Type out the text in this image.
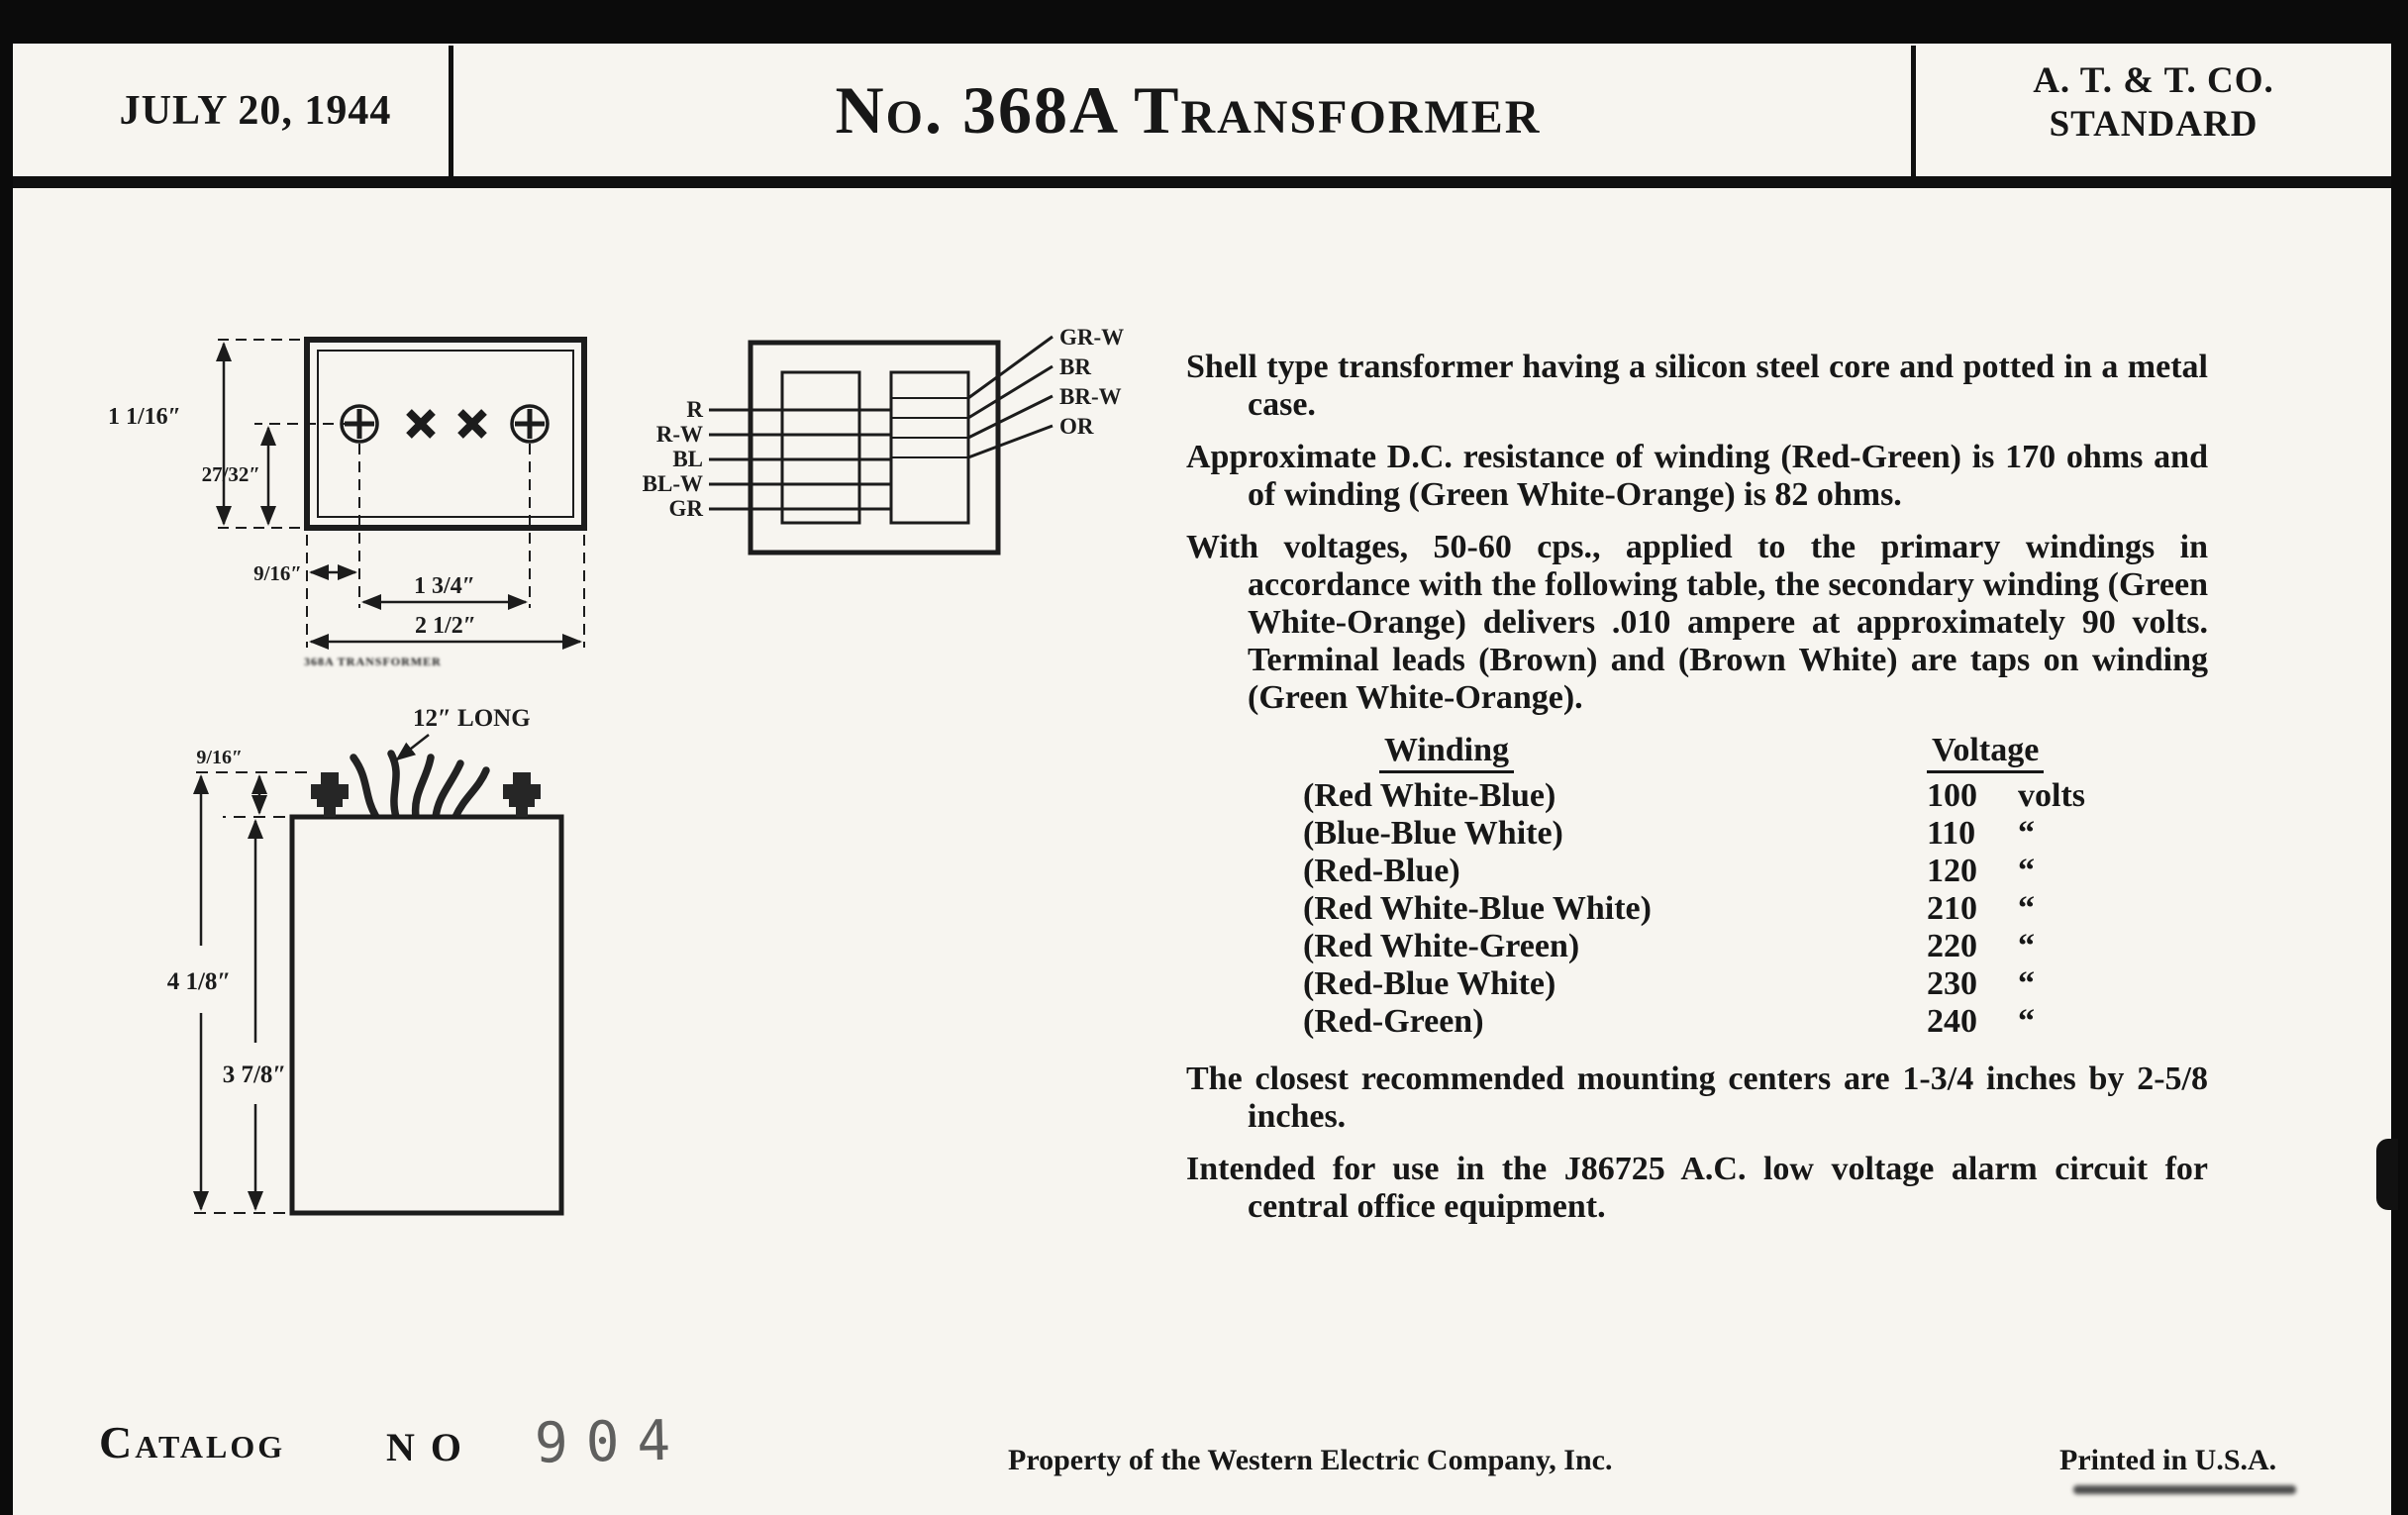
JULY 20, 1944	No. 368A Transformer	A. T. & T. CO.
STANDARD
1 1/16″
27/32″
9/16″	1 3/4″
2 1/2″
368A TRANSFORMER
GR-W
BR
BR-W
OR
R
R-W
BL
BL-W
GR
12″ LONG
9/16″
4 1/8″
3 7/8″

Shell type transformer having a silicon steel core and potted in a metal case.

Approximate D.C. resistance of winding (Red-Green) is 170 ohms and of winding (Green White-Orange) is 82 ohms.

With voltages, 50-60 cps., applied to the primary windings in accordance with the following table, the secondary winding (Green White-Orange) delivers .010 ampere at approximately 90 volts. Terminal leads (Brown) and (Brown White) are taps on winding (Green White-Orange).

Winding	Voltage
(Red White-Blue)	100	volts
(Blue-Blue White)	110	“
(Red-Blue)	120	“
(Red White-Blue White)	210	“
(Red White-Green)	220	“
(Red-Blue White)	230	“
(Red-Green)	240	“

The closest recommended mounting centers are 1-3/4 inches by 2-5/8 inches.

Intended for use in the J86725 A.C. low voltage alarm circuit for central office equipment.

Catalog	NO 904	Property of the Western Electric Company, Inc.	Printed in U.S.A.
